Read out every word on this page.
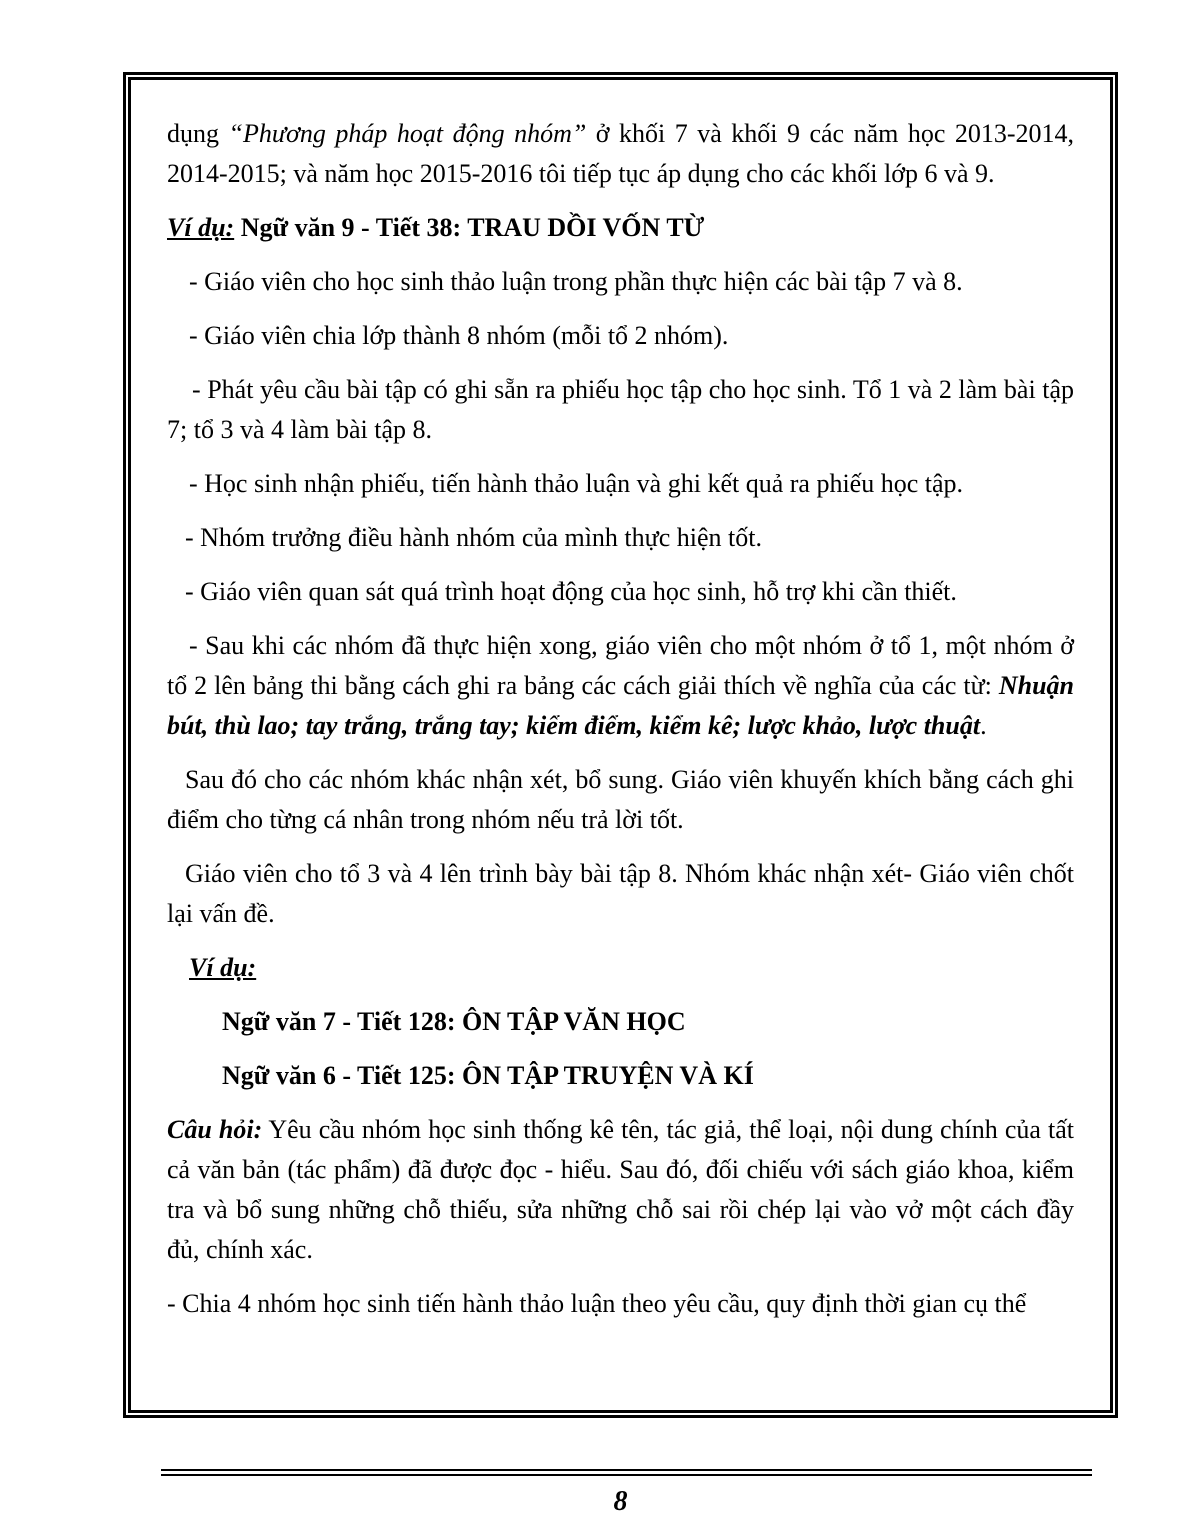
dụng “Phương pháp hoạt động nhóm” ở khối 7 và khối 9 các năm học 2013-2014, 2014-2015; và năm học 2015-2016 tôi tiếp tục áp dụng cho các khối lớp 6 và 9.

Ví dụ: Ngữ văn 9 - Tiết 38: TRAU DỒI VỐN TỪ

- Giáo viên cho học sinh thảo luận trong phần thực hiện các bài tập 7 và 8.

- Giáo viên chia lớp thành 8 nhóm (mỗi tổ 2 nhóm).

- Phát yêu cầu bài tập có ghi sẵn ra phiếu học tập cho học sinh. Tổ 1 và 2 làm bài tập 7; tổ 3 và 4 làm bài tập 8.

- Học sinh nhận phiếu, tiến hành thảo luận và ghi kết quả ra phiếu học tập.

- Nhóm trưởng điều hành nhóm của mình thực hiện tốt.

- Giáo viên quan sát quá trình hoạt động của học sinh, hỗ trợ khi cần thiết.

- Sau khi các nhóm đã thực hiện xong, giáo viên cho một nhóm ở tổ 1, một nhóm ở tổ 2 lên bảng thi bằng cách ghi ra bảng các cách giải thích về nghĩa của các từ: Nhuận bút, thù lao; tay trắng, trắng tay; kiểm điểm, kiểm kê; lược khảo, lược thuật.

Sau đó cho các nhóm khác nhận xét, bổ sung. Giáo viên khuyến khích bằng cách ghi điểm cho từng cá nhân trong nhóm nếu trả lời tốt.

Giáo viên cho tổ 3 và 4 lên trình bày bài tập 8. Nhóm khác nhận xét- Giáo viên chốt lại vấn đề.

Ví dụ:

Ngữ văn 7 - Tiết 128: ÔN TẬP VĂN HỌC

Ngữ văn 6 - Tiết 125: ÔN TẬP TRUYỆN VÀ KÍ

Câu hỏi: Yêu cầu nhóm học sinh thống kê tên, tác giả, thể loại, nội dung chính của tất cả văn bản (tác phẩm) đã được đọc - hiểu. Sau đó, đối chiếu với sách giáo khoa, kiểm tra và bổ sung những chỗ thiếu, sửa những chỗ sai rồi chép lại vào vở một cách đầy đủ, chính xác.

- Chia 4 nhóm học sinh tiến hành thảo luận theo yêu cầu, quy định thời gian cụ thể

8
